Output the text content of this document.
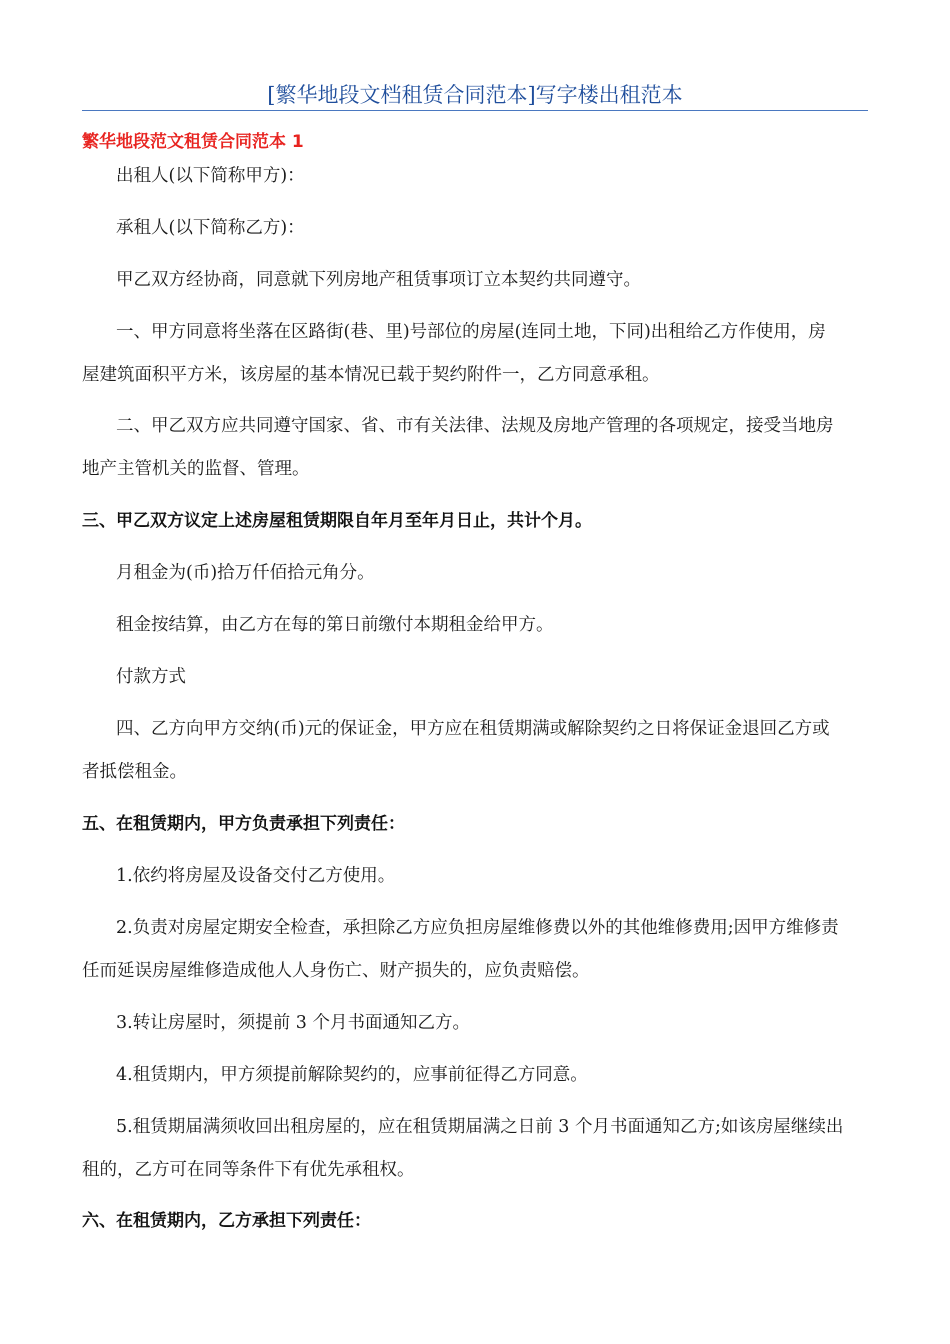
[繁华地段文档租赁合同范本]写字楼出租范本
繁华地段范文租赁合同范本 1
出租人(以下简称甲方)：
承租人(以下简称乙方)：
甲乙双方经协商，同意就下列房地产租赁事项订立本契约共同遵守。
一、甲方同意将坐落在区路街(巷、里)号部位的房屋(连同土地，下同)出租给乙方作使用，房
屋建筑面积平方米，该房屋的基本情况已载于契约附件一，乙方同意承租。
二、甲乙双方应共同遵守国家、省、市有关法律、法规及房地产管理的各项规定，接受当地房
地产主管机关的监督、管理。
三、甲乙双方议定上述房屋租赁期限自年月至年月日止，共计个月。
月租金为(币)拾万仟佰拾元角分。
租金按结算，由乙方在每的第日前缴付本期租金给甲方。
付款方式
四、乙方向甲方交纳(币)元的保证金，甲方应在租赁期满或解除契约之日将保证金退回乙方或
者抵偿租金。
五、在租赁期内，甲方负责承担下列责任：
1.依约将房屋及设备交付乙方使用。
2.负责对房屋定期安全检查，承担除乙方应负担房屋维修费以外的其他维修费用;因甲方维修责
任而延误房屋维修造成他人人身伤亡、财产损失的，应负责赔偿。
3.转让房屋时，须提前 3 个月书面通知乙方。
4.租赁期内，甲方须提前解除契约的，应事前征得乙方同意。
5.租赁期届满须收回出租房屋的，应在租赁期届满之日前 3 个月书面通知乙方;如该房屋继续出
租的，乙方可在同等条件下有优先承租权。
六、在租赁期内，乙方承担下列责任：
